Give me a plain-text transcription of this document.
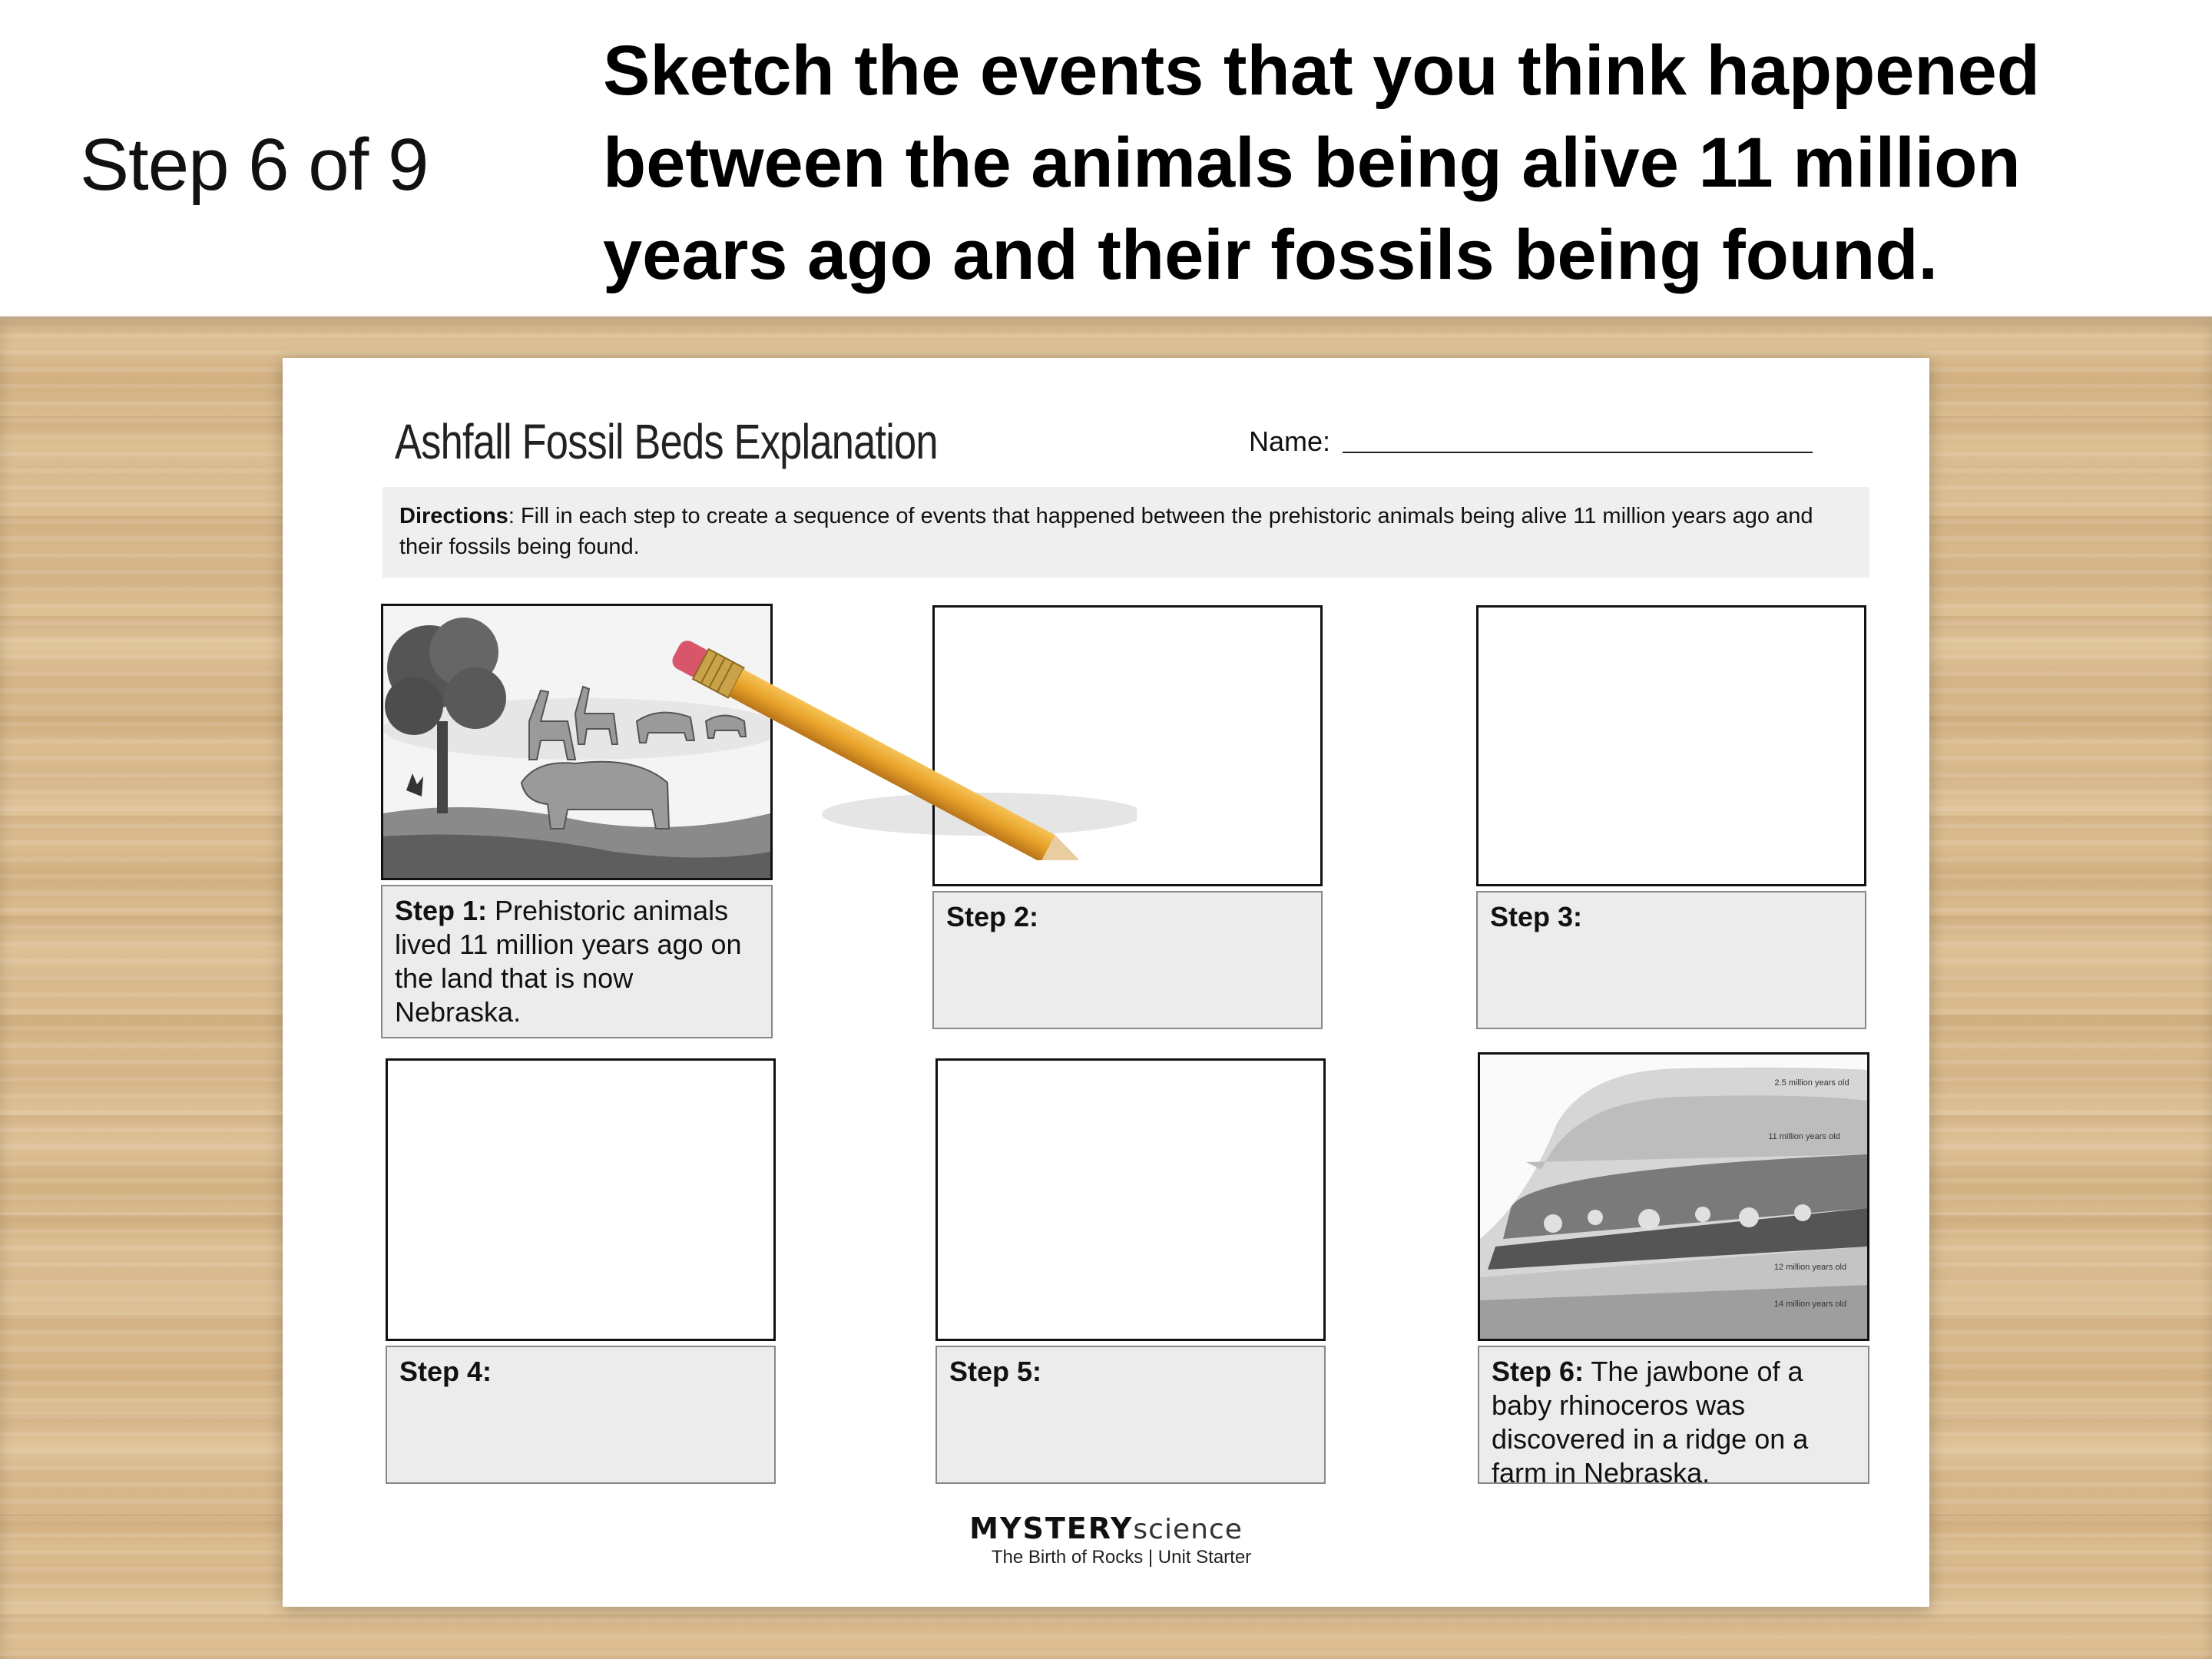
Step 6 of 9
Sketch the events that you think happened between the animals being alive 11 million years ago and their fossils being found.
Ashfall Fossil Beds Explanation	Name:
Directions: Fill in each step to create a sequence of events that happened between the prehistoric animals being alive 11 million years ago and their fossils being found.
Step 1: Prehistoric animals lived 11 million years ago on the land that is now Nebraska.
Step 2:	Step 3:
Step 4:	Step 5:
2.5 million years old
11 million years old
12 million years old
14 million years old
Step 6: The jawbone of a baby rhinoceros was discovered in a ridge on a farm in Nebraska.
MYSTERYscience
The Birth of Rocks | Unit Starter
